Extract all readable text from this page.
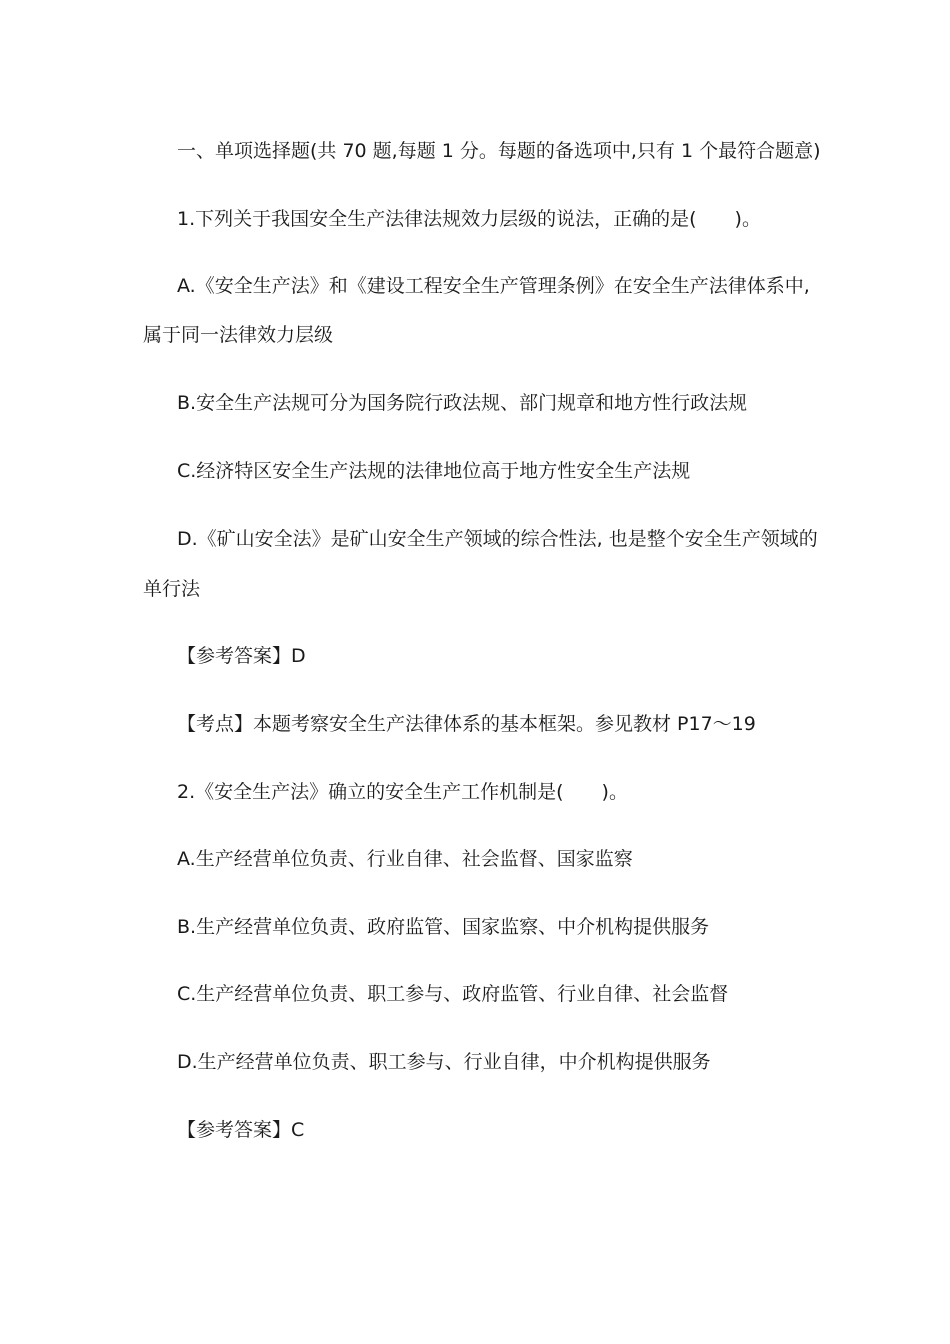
一、单项选择题(共 70 题,每题 1 分。每题的备选项中,只有 1 个最符合题意)
1.下列关于我国安全生产法律法规效力层级的说法，正确的是(　　)。
A.《安全生产法》和《建设工程安全生产管理条例》在安全生产法律体系中,
属于同一法律效力层级
B.安全生产法规可分为国务院行政法规、部门规章和地方性行政法规
C.经济特区安全生产法规的法律地位高于地方性安全生产法规
D.《矿山安全法》是矿山安全生产领域的综合性法, 也是整个安全生产领域的
单行法
【参考答案】D
【考点】本题考察安全生产法律体系的基本框架。参见教材 P17～19
2.《安全生产法》确立的安全生产工作机制是(　　)。
A.生产经营单位负责、行业自律、社会监督、国家监察
B.生产经营单位负责、政府监管、国家监察、中介机构提供服务
C.生产经营单位负责、职工参与、政府监管、行业自律、社会监督
D.生产经营单位负责、职工参与、行业自律，中介机构提供服务
【参考答案】C
